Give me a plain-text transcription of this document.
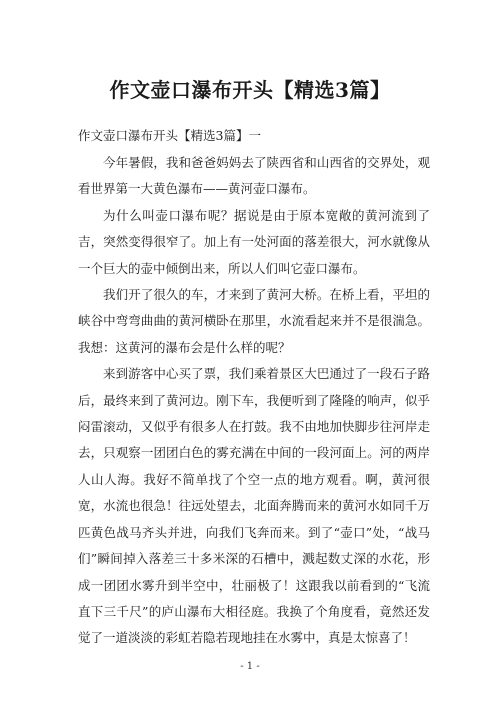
作文壶口瀑布开头【精选3篇】
作文壶口瀑布开头【精选3篇】一

今年暑假，我和爸爸妈妈去了陕西省和山西省的交界处，观看世界第一大黄色瀑布——黄河壶口瀑布。

为什么叫壶口瀑布呢？据说是由于原本宽敞的黄河流到了吉，突然变得很窄了。加上有一处河面的落差很大，河水就像从一个巨大的壶中倾倒出来，所以人们叫它壶口瀑布。

我们开了很久的车，才来到了黄河大桥。在桥上看，平坦的峡谷中弯弯曲曲的黄河横卧在那里，水流看起来并不是很湍急。我想：这黄河的瀑布会是什么样的呢？

来到游客中心买了票，我们乘着景区大巴通过了一段石子路后，最终来到了黄河边。刚下车，我便听到了隆隆的响声，似乎闷雷滚动，又似乎有很多人在打鼓。我不由地加快脚步往河岸走去，只观察一团团白色的雾充满在中间的一段河面上。河的两岸人山人海。我好不简单找了个空一点的地方观看。啊，黄河很宽，水流也很急！往远处望去，北面奔腾而来的黄河水如同千万匹黄色战马齐头并进，向我们飞奔而来。到了“壶口”处，“战马们”瞬间掉入落差三十多米深的石槽中，溅起数丈深的水花，形成一团团水雾升到半空中，壮丽极了！这跟我以前看到的“飞流直下三千尺”的庐山瀑布大相径庭。我换了个角度看，竟然还发觉了一道淡淡的彩虹若隐若现地挂在水雾中，真是太惊喜了！

- 1 -
